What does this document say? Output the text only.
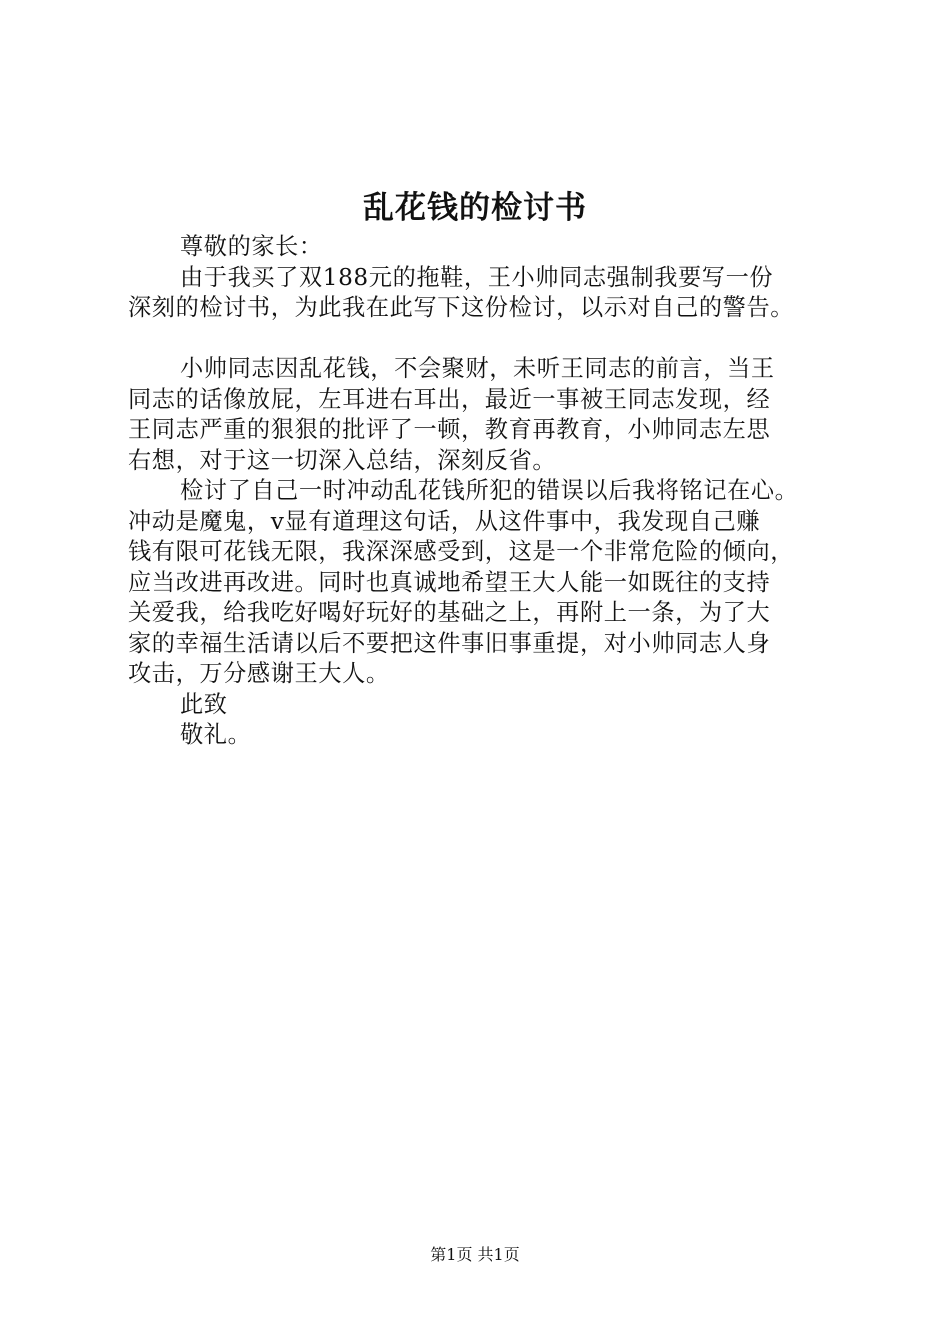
乱花钱的检讨书
尊敬的家长：
由于我买了双188元的拖鞋，王小帅同志强制我要写一份
深刻的检讨书，为此我在此写下这份检讨，以示对自己的警告。
小帅同志因乱花钱，不会聚财，未听王同志的前言，当王
同志的话像放屁，左耳进右耳出，最近一事被王同志发现，经
王同志严重的狠狠的批评了一顿，教育再教育，小帅同志左思
右想，对于这一切深入总结，深刻反省。
检讨了自己一时冲动乱花钱所犯的错误以后我将铭记在心。
冲动是魔鬼，v显有道理这句话，从这件事中，我发现自己赚
钱有限可花钱无限，我深深感受到，这是一个非常危险的倾向，
应当改进再改进。同时也真诚地希望王大人能一如既往的支持
关爱我，给我吃好喝好玩好的基础之上，再附上一条，为了大
家的幸福生活请以后不要把这件事旧事重提，对小帅同志人身
攻击，万分感谢王大人。
此致
敬礼。
第1页 共1页
